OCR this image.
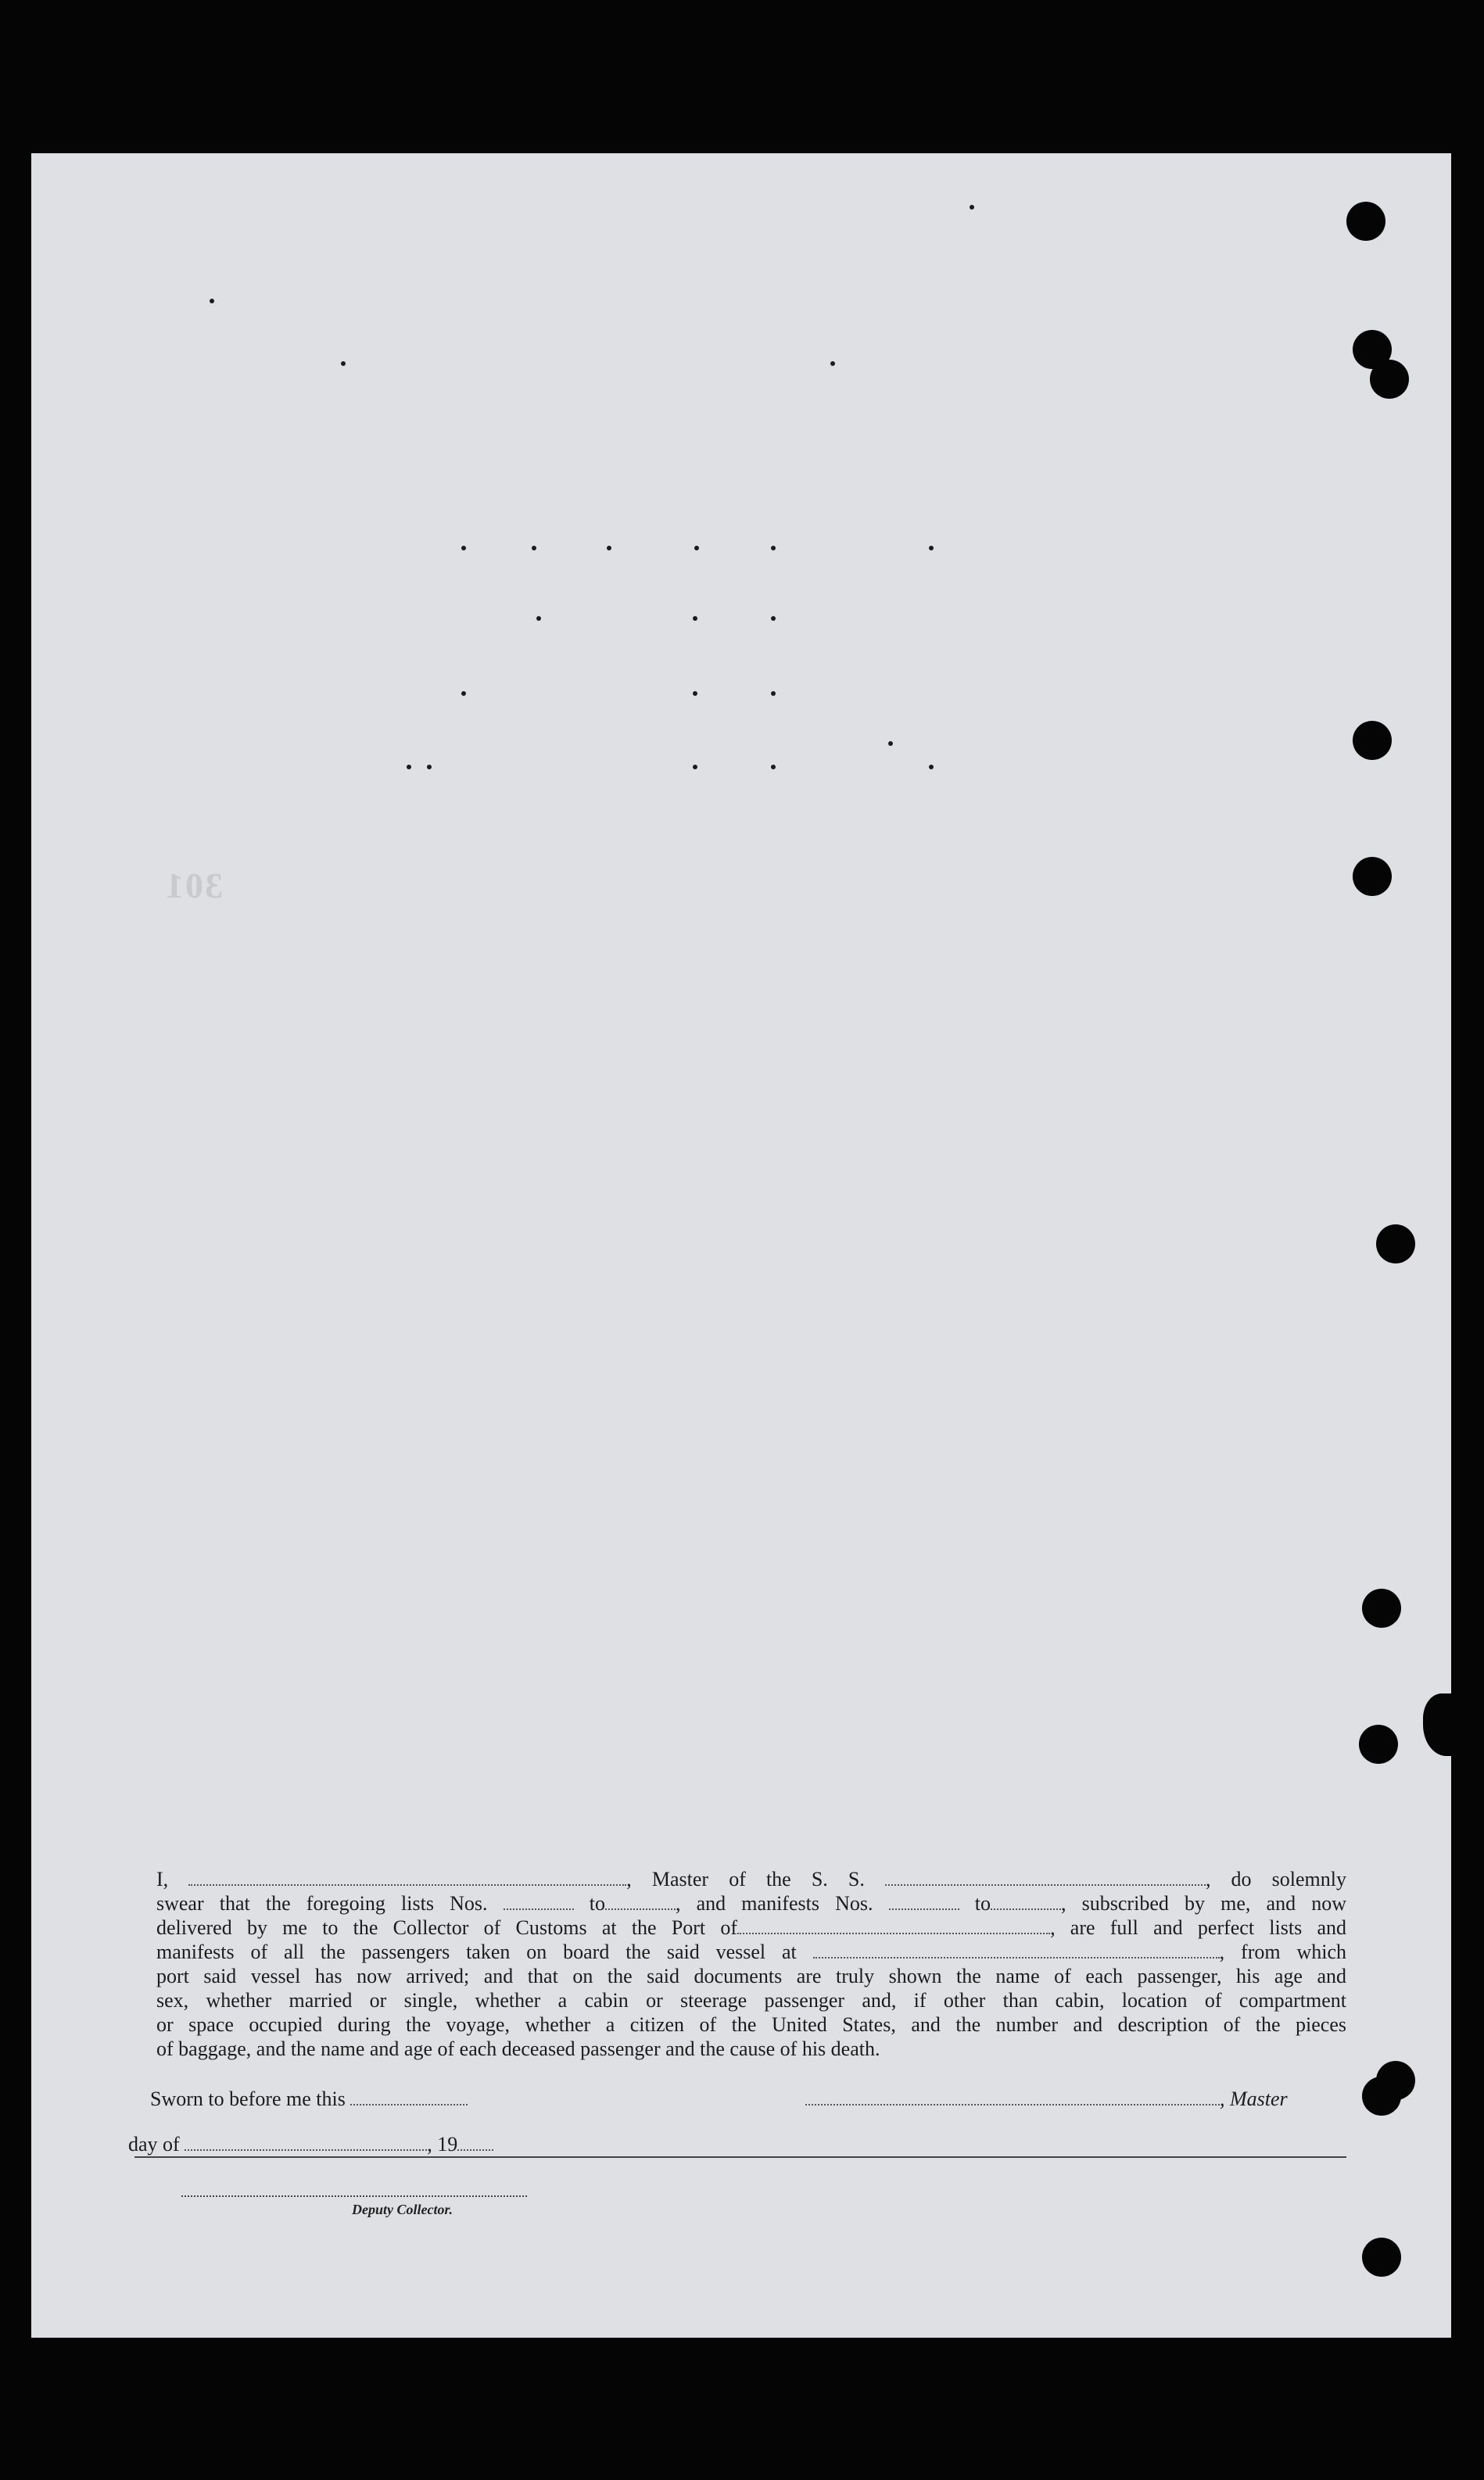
301
I,	, Master of the S. S.	, do solemnly
swear that the foregoing lists Nos.	to	, and manifests Nos.	to	, subscribed by me, and now
delivered by me to the Collector of Customs at the Port of	, are full and perfect lists and
manifests of all the passengers taken on board the said vessel at	, from which
port said vessel has now arrived; and that on the said documents are truly shown the name of each passenger, his age and
sex, whether married or single, whether a cabin or steerage passenger and, if other than cabin, location of compartment
or space occupied during the voyage, whether a citizen of the United States, and the number and description of the pieces
of baggage, and the name and age of each deceased passenger and the cause of his death.
Sworn to before me this	, Master
day of	, 19
Deputy Collector.
